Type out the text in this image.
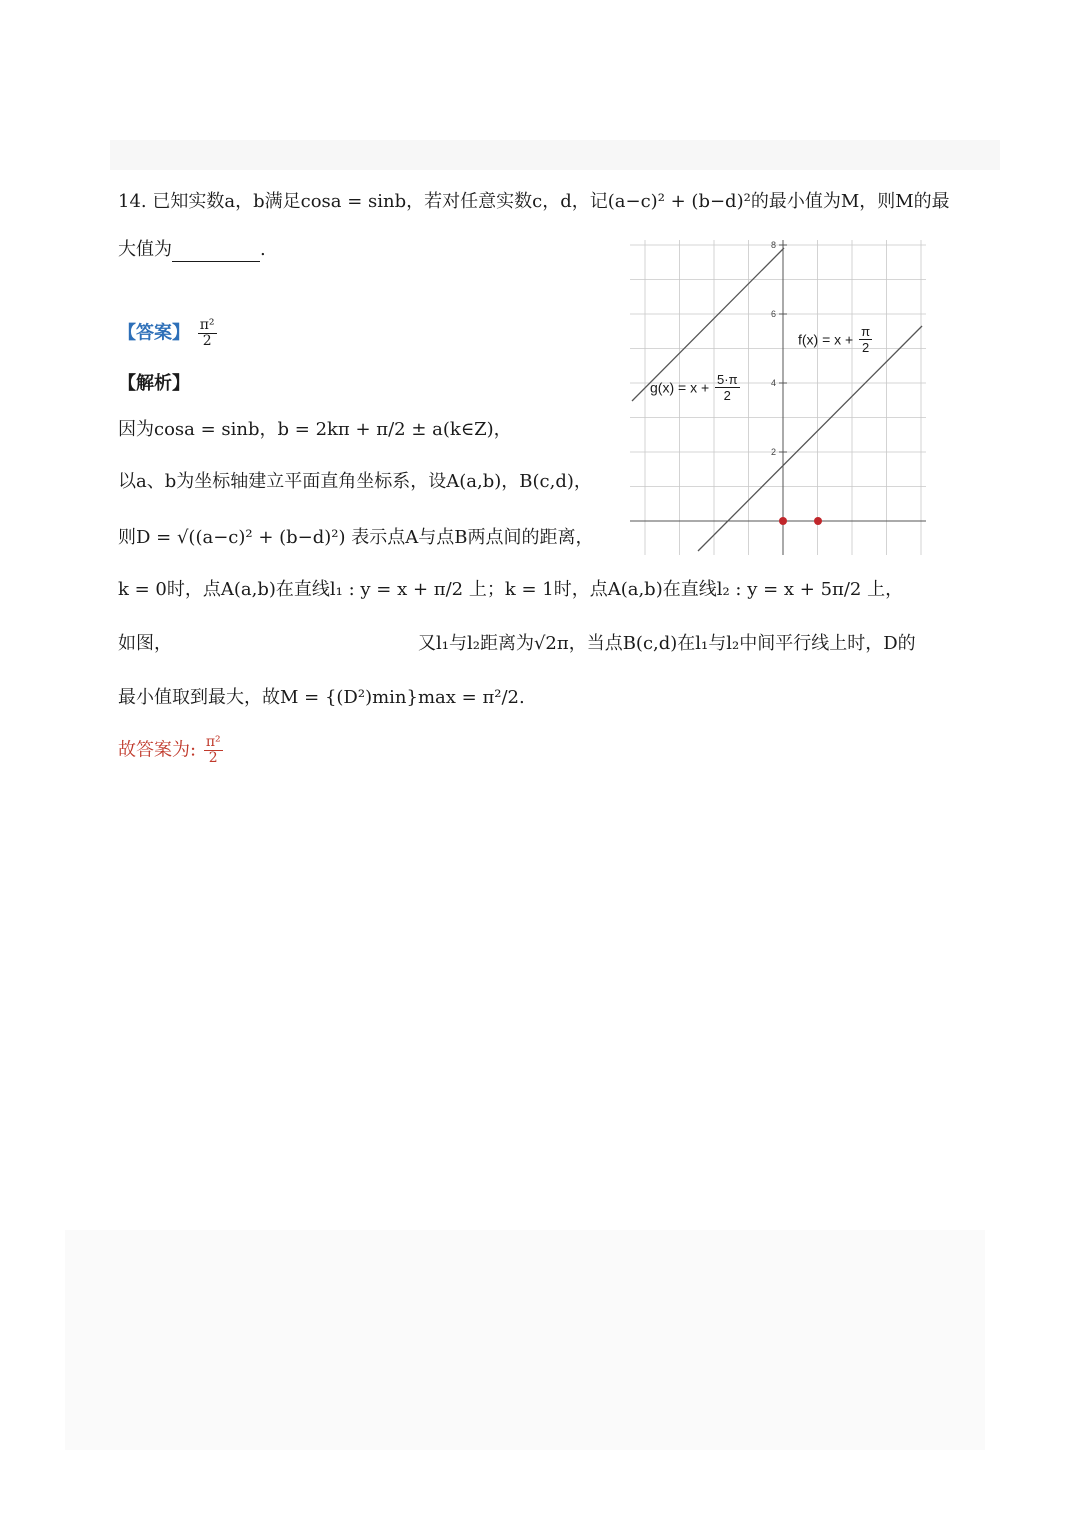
14. 已知实数a，b满足cosa = sinb，若对任意实数c，d，记(a−c)² + (b−d)²的最小值为M，则M的最
大值为	.
【答案】 $\frac{\text{π²}}{2}$
【解析】
因为cosa = sinb，b = 2kπ + π/2 ± a(k∈Z)，
以a、b为坐标轴建立平面直角坐标系，设A(a,b)，B(c,d)，
则D = √((a−c)² + (b−d)²) 表示点A与点B两点间的距离，
k = 0时，点A(a,b)在直线l₁ : y = x + π/2 上；k = 1时，点A(a,b)在直线l₂ : y = x + 5π/2 上，
如图，	又l₁与l₂距离为√2π，当点B(c,d)在l₁与l₂中间平行线上时，D的
最小值取到最大，故M = {(D²)min}max = π²/2.
故答案为: $\frac{\text{π²}}{2}$
2
4
6
8
$g(x) = x + \frac{5\cdot\pi}{2}$
$f(x) = x + \frac{\pi}{2}$
